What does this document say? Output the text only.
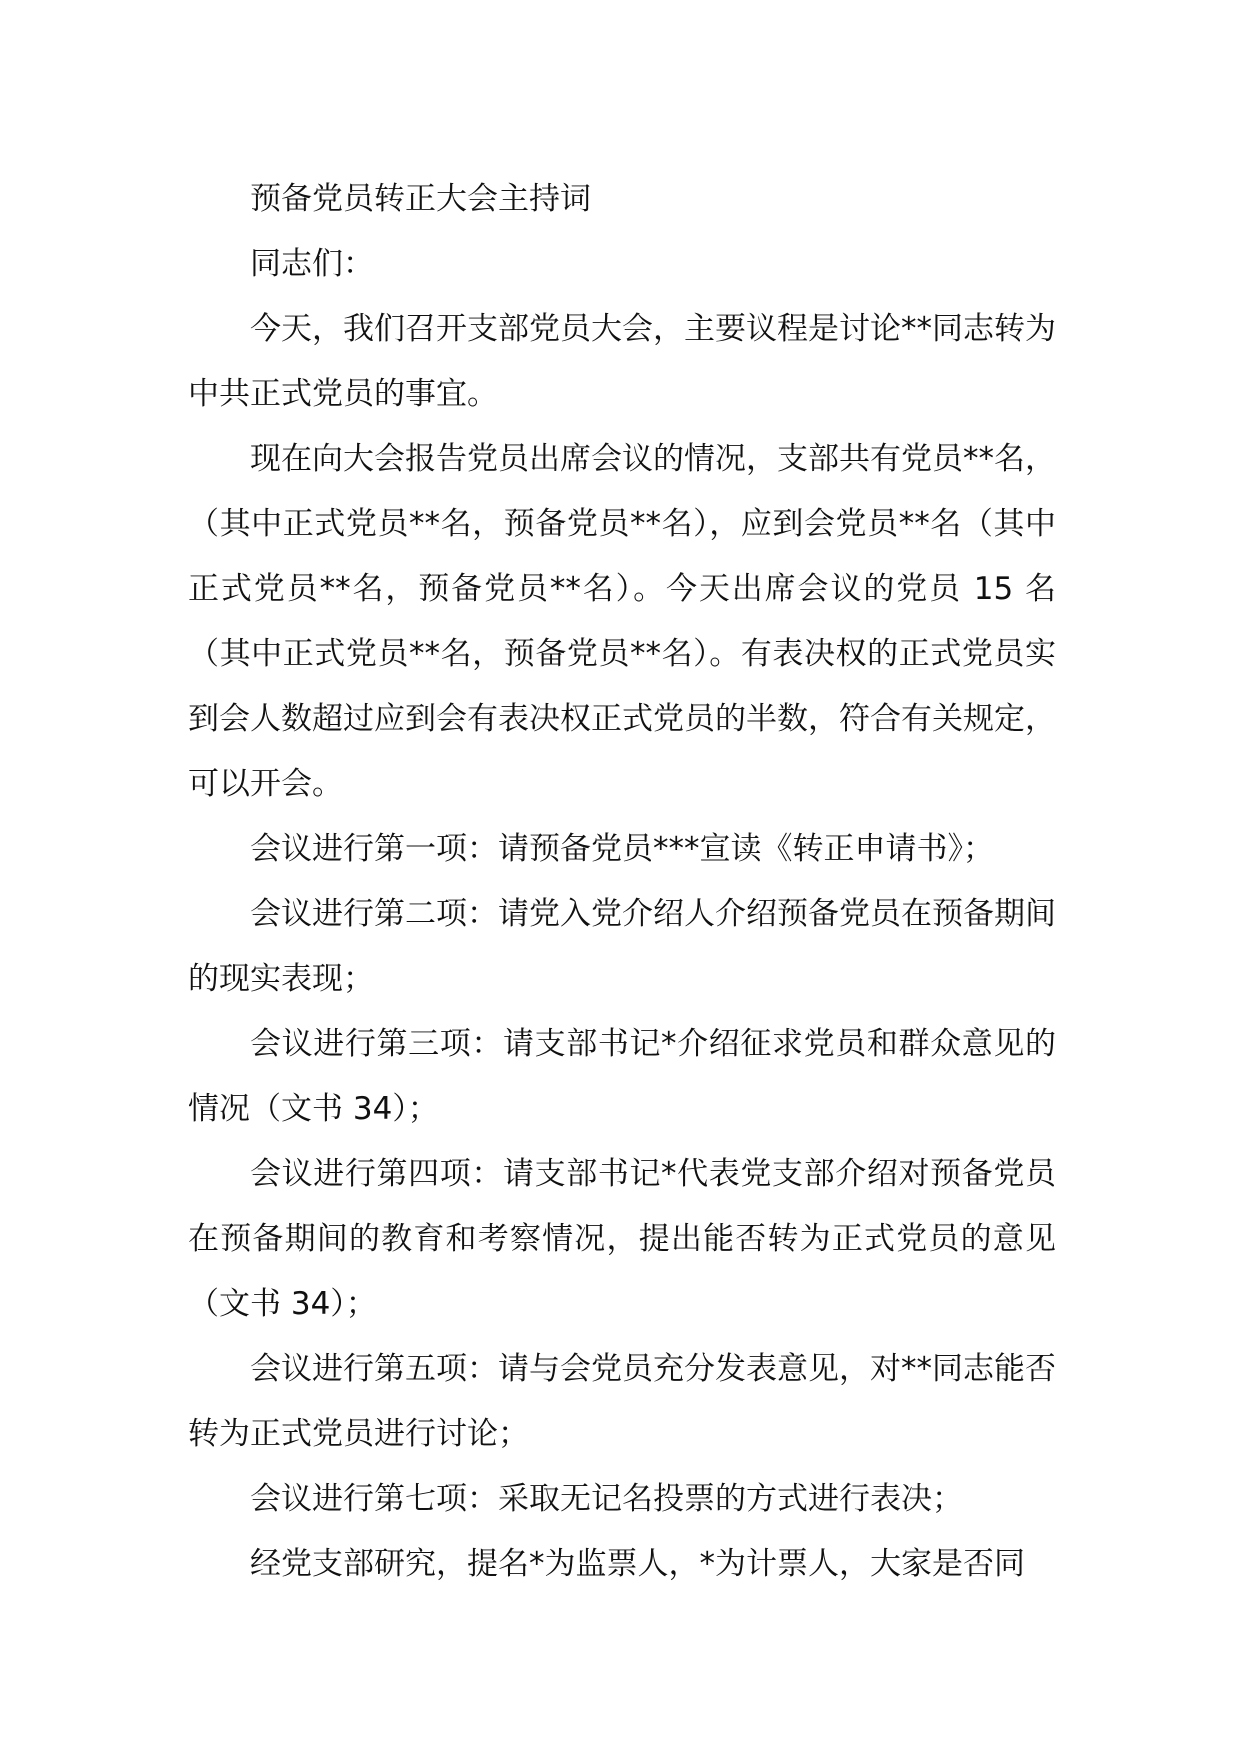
预备党员转正大会主持词

同志们：

今天，我们召开支部党员大会，主要议程是讨论**同志转为中共正式党员的事宜。

现在向大会报告党员出席会议的情况，支部共有党员**名，（其中正式党员**名，预备党员**名），应到会党员**名（其中正式党员**名，预备党员**名）。今天出席会议的党员 15 名（其中正式党员**名，预备党员**名）。有表决权的正式党员实到会人数超过应到会有表决权正式党员的半数，符合有关规定，可以开会。

会议进行第一项：请预备党员***宣读《转正申请书》；

会议进行第二项：请党入党介绍人介绍预备党员在预备期间的现实表现；

会议进行第三项：请支部书记*介绍征求党员和群众意见的情况（文书 34）；

会议进行第四项：请支部书记*代表党支部介绍对预备党员在预备期间的教育和考察情况，提出能否转为正式党员的意见（文书 34）；

会议进行第五项：请与会党员充分发表意见，对**同志能否转为正式党员进行讨论；

会议进行第七项：采取无记名投票的方式进行表决；

经党支部研究，提名*为监票人，*为计票人，大家是否同
